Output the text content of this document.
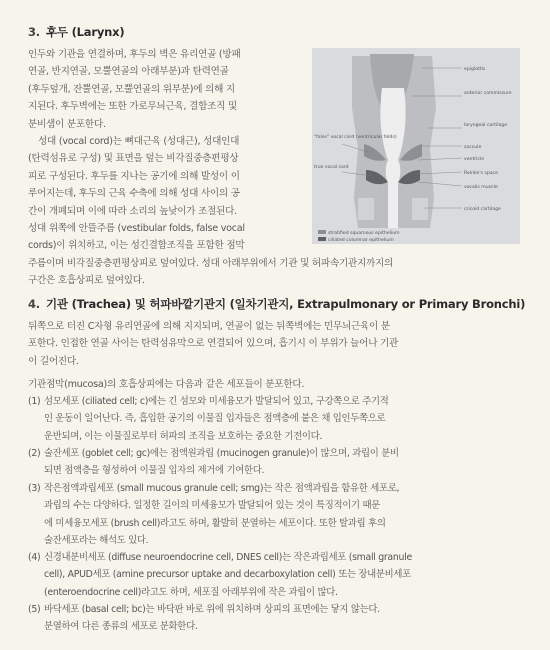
3. 후두 (Larynx)
인두와 기관을 연결하며, 후두의 벽은 유리연골 (방패
연골, 반지연골, 모뿔연골의 아래부분)과 탄력연골
(후두덮개, 잔뿔연골, 모뿔연골의 위부분)에 의해 지
지된다. 후두벽에는 또한 가로무늬근육, 결합조직 및
분비샘이 분포한다.
성대 (vocal cord)는 뼈대근육 (성대근), 성대인대
(탄력섬유로 구성) 및 표면을 덮는 비각질중층편평상
피로 구성된다. 후두를 지나는 공기에 의해 발성이 이
루어지는데, 후두의 근육 수축에 의해 성대 사이의 공
간이 개폐되며 이에 따라 소리의 높낮이가 조절된다.
성대 위쪽에 안뜰주름 (vestibular folds, false vocal
cords)이 위치하고, 이는 성긴결합조직을 포함한 점막
주름이며 비각질중층편평상피로 덮여있다. 성대 아래부위에서 기관 및 허파속기관지까지의
구간은 호흡상피로 덮여있다.
epiglottis
anterior commissure
laryngeal cartilage
saccule
ventricle
Reinke's space
vocalis muscle
cricoid cartilage
"false" vocal cord (ventricular folds)
true vocal cord
stratified squamous epithelium
ciliated columnar epithelium
4. 기관 (Trachea) 및 허파바깥기관지 (일차기관지, Extrapulmonary or Primary Bronchi)
뒤쪽으로 터진 C자형 유리연골에 의해 지지되며, 연골이 없는 뒤쪽벽에는 민무늬근육이 분
포한다. 인접한 연골 사이는 탄력섬유막으로 연결되어 있으며, 흡기시 이 부위가 늘어나 기관
이 길어진다.
기관점막(mucosa)의 호흡상피에는 다음과 같은 세포들이 분포한다.
(1) 섬모세포 (ciliated cell; c)에는 긴 섬모와 미세융모가 발달되어 있고, 구강쪽으로 주기적
인 운동이 일어난다. 즉, 흡입한 공기의 이물질 입자들은 점액층에 붙은 채 입인두쪽으로
운반되며, 이는 이물질로부터 허파의 조직을 보호하는 중요한 기전이다.
(2) 술잔세포 (goblet cell; gc)에는 점액원과립 (mucinogen granule)이 많으며, 과립이 분비
되면 점액층을 형성하여 이물질 입자의 제거에 기여한다.
(3) 작은점액과립세포 (small mucous granule cell; smg)는 작은 점액과립을 함유한 세포로,
과립의 수는 다양하다. 일정한 길이의 미세융모가 발달되어 있는 것이 특징적이기 때문
에 미세융모세포 (brush cell)라고도 하며, 활발히 분열하는 세포이다. 또한 탈과립 후의
술잔세포라는 해석도 있다.
(4) 신경내분비세포 (diffuse neuroendocrine cell, DNES cell)는 작은과립세포 (small granule
cell), APUD세포 (amine precursor uptake and decarboxylation cell) 또는 장내분비세포
(enteroendocrine cell)라고도 하며, 세포질 아래부위에 작은 과립이 많다.
(5) 바닥세포 (basal cell; bc)는 바닥판 바로 위에 위치하며 상피의 표면에는 닿지 않는다.
분열하여 다른 종류의 세포로 분화한다.
